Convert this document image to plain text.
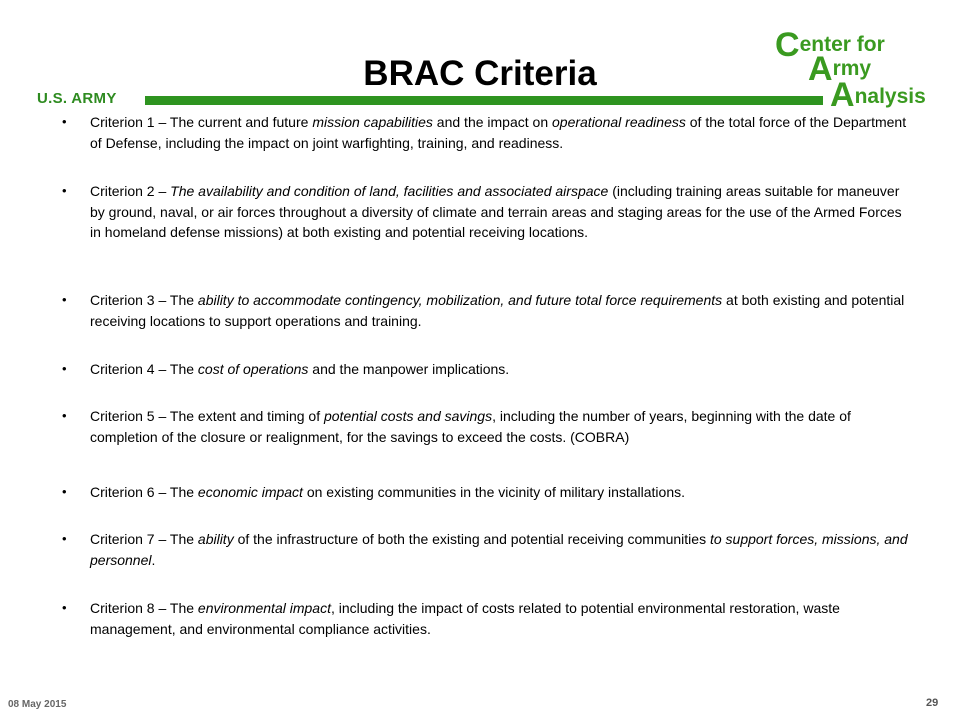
Center for
Army
Analysis
BRAC Criteria
U.S. ARMY
• Criterion 1 – The current and future mission capabilities and the impact on operational readiness of the total force of the Department of Defense, including the impact on joint warfighting, training, and readiness.
• Criterion 2 – The availability and condition of land, facilities and associated airspace (including training areas suitable for maneuver by ground, naval, or air forces throughout a diversity of climate and terrain areas and staging areas for the use of the Armed Forces in homeland defense missions) at both existing and potential receiving locations.
• Criterion 3 – The ability to accommodate contingency, mobilization, and future total force requirements at both existing and potential receiving locations to support operations and training.
• Criterion 4 – The cost of operations and the manpower implications.
• Criterion 5 – The extent and timing of potential costs and savings, including the number of years, beginning with the date of completion of the closure or realignment, for the savings to exceed the costs. (COBRA)
• Criterion 6 – The economic impact on existing communities in the vicinity of military installations.
• Criterion 7 – The ability of the infrastructure of both the existing and potential receiving communities to support forces, missions, and personnel.
• Criterion 8 – The environmental impact, including the impact of costs related to potential environmental restoration, waste management, and environmental compliance activities.
08 May 2015	29
